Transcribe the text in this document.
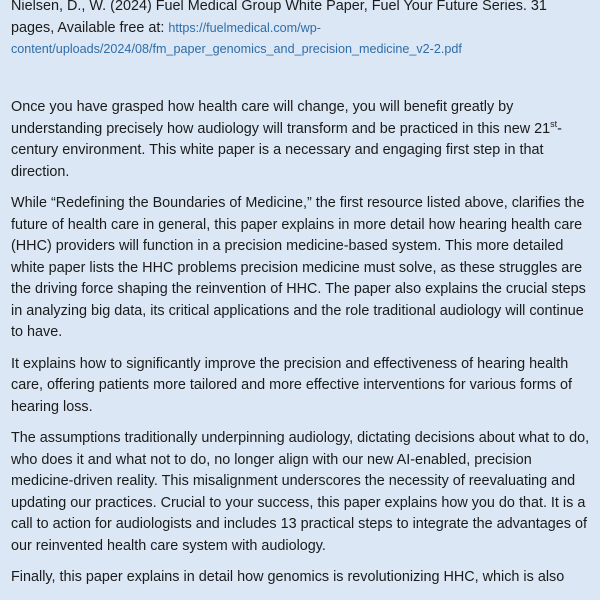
Nielsen, D., W. (2024) Fuel Medical Group White Paper, Fuel Your Future Series. 31 pages, Available free at: https://fuelmedical.com/wp-content/uploads/2024/08/fm_paper_genomics_and_precision_medicine_v2-2.pdf

Once you have grasped how health care will change, you will benefit greatly by understanding precisely how audiology will transform and be practiced in this new 21st-century environment. This white paper is a necessary and engaging first step in that direction.

While “Redefining the Boundaries of Medicine,” the first resource listed above, clarifies the future of health care in general, this paper explains in more detail how hearing health care (HHC) providers will function in a precision medicine-based system. This more detailed white paper lists the HHC problems precision medicine must solve, as these struggles are the driving force shaping the reinvention of HHC. The paper also explains the crucial steps in analyzing big data, its critical applications and the role traditional audiology will continue to have.

It explains how to significantly improve the precision and effectiveness of hearing health care, offering patients more tailored and more effective interventions for various forms of hearing loss.

The assumptions traditionally underpinning audiology, dictating decisions about what to do, who does it and what not to do, no longer align with our new AI-enabled, precision medicine-driven reality. This misalignment underscores the necessity of reevaluating and updating our practices. Crucial to your success, this paper explains how you do that. It is a call to action for audiologists and includes 13 practical steps to integrate the advantages of our reinvented health care system with audiology.

Finally, this paper explains in detail how genomics is revolutionizing HHC, which is also
